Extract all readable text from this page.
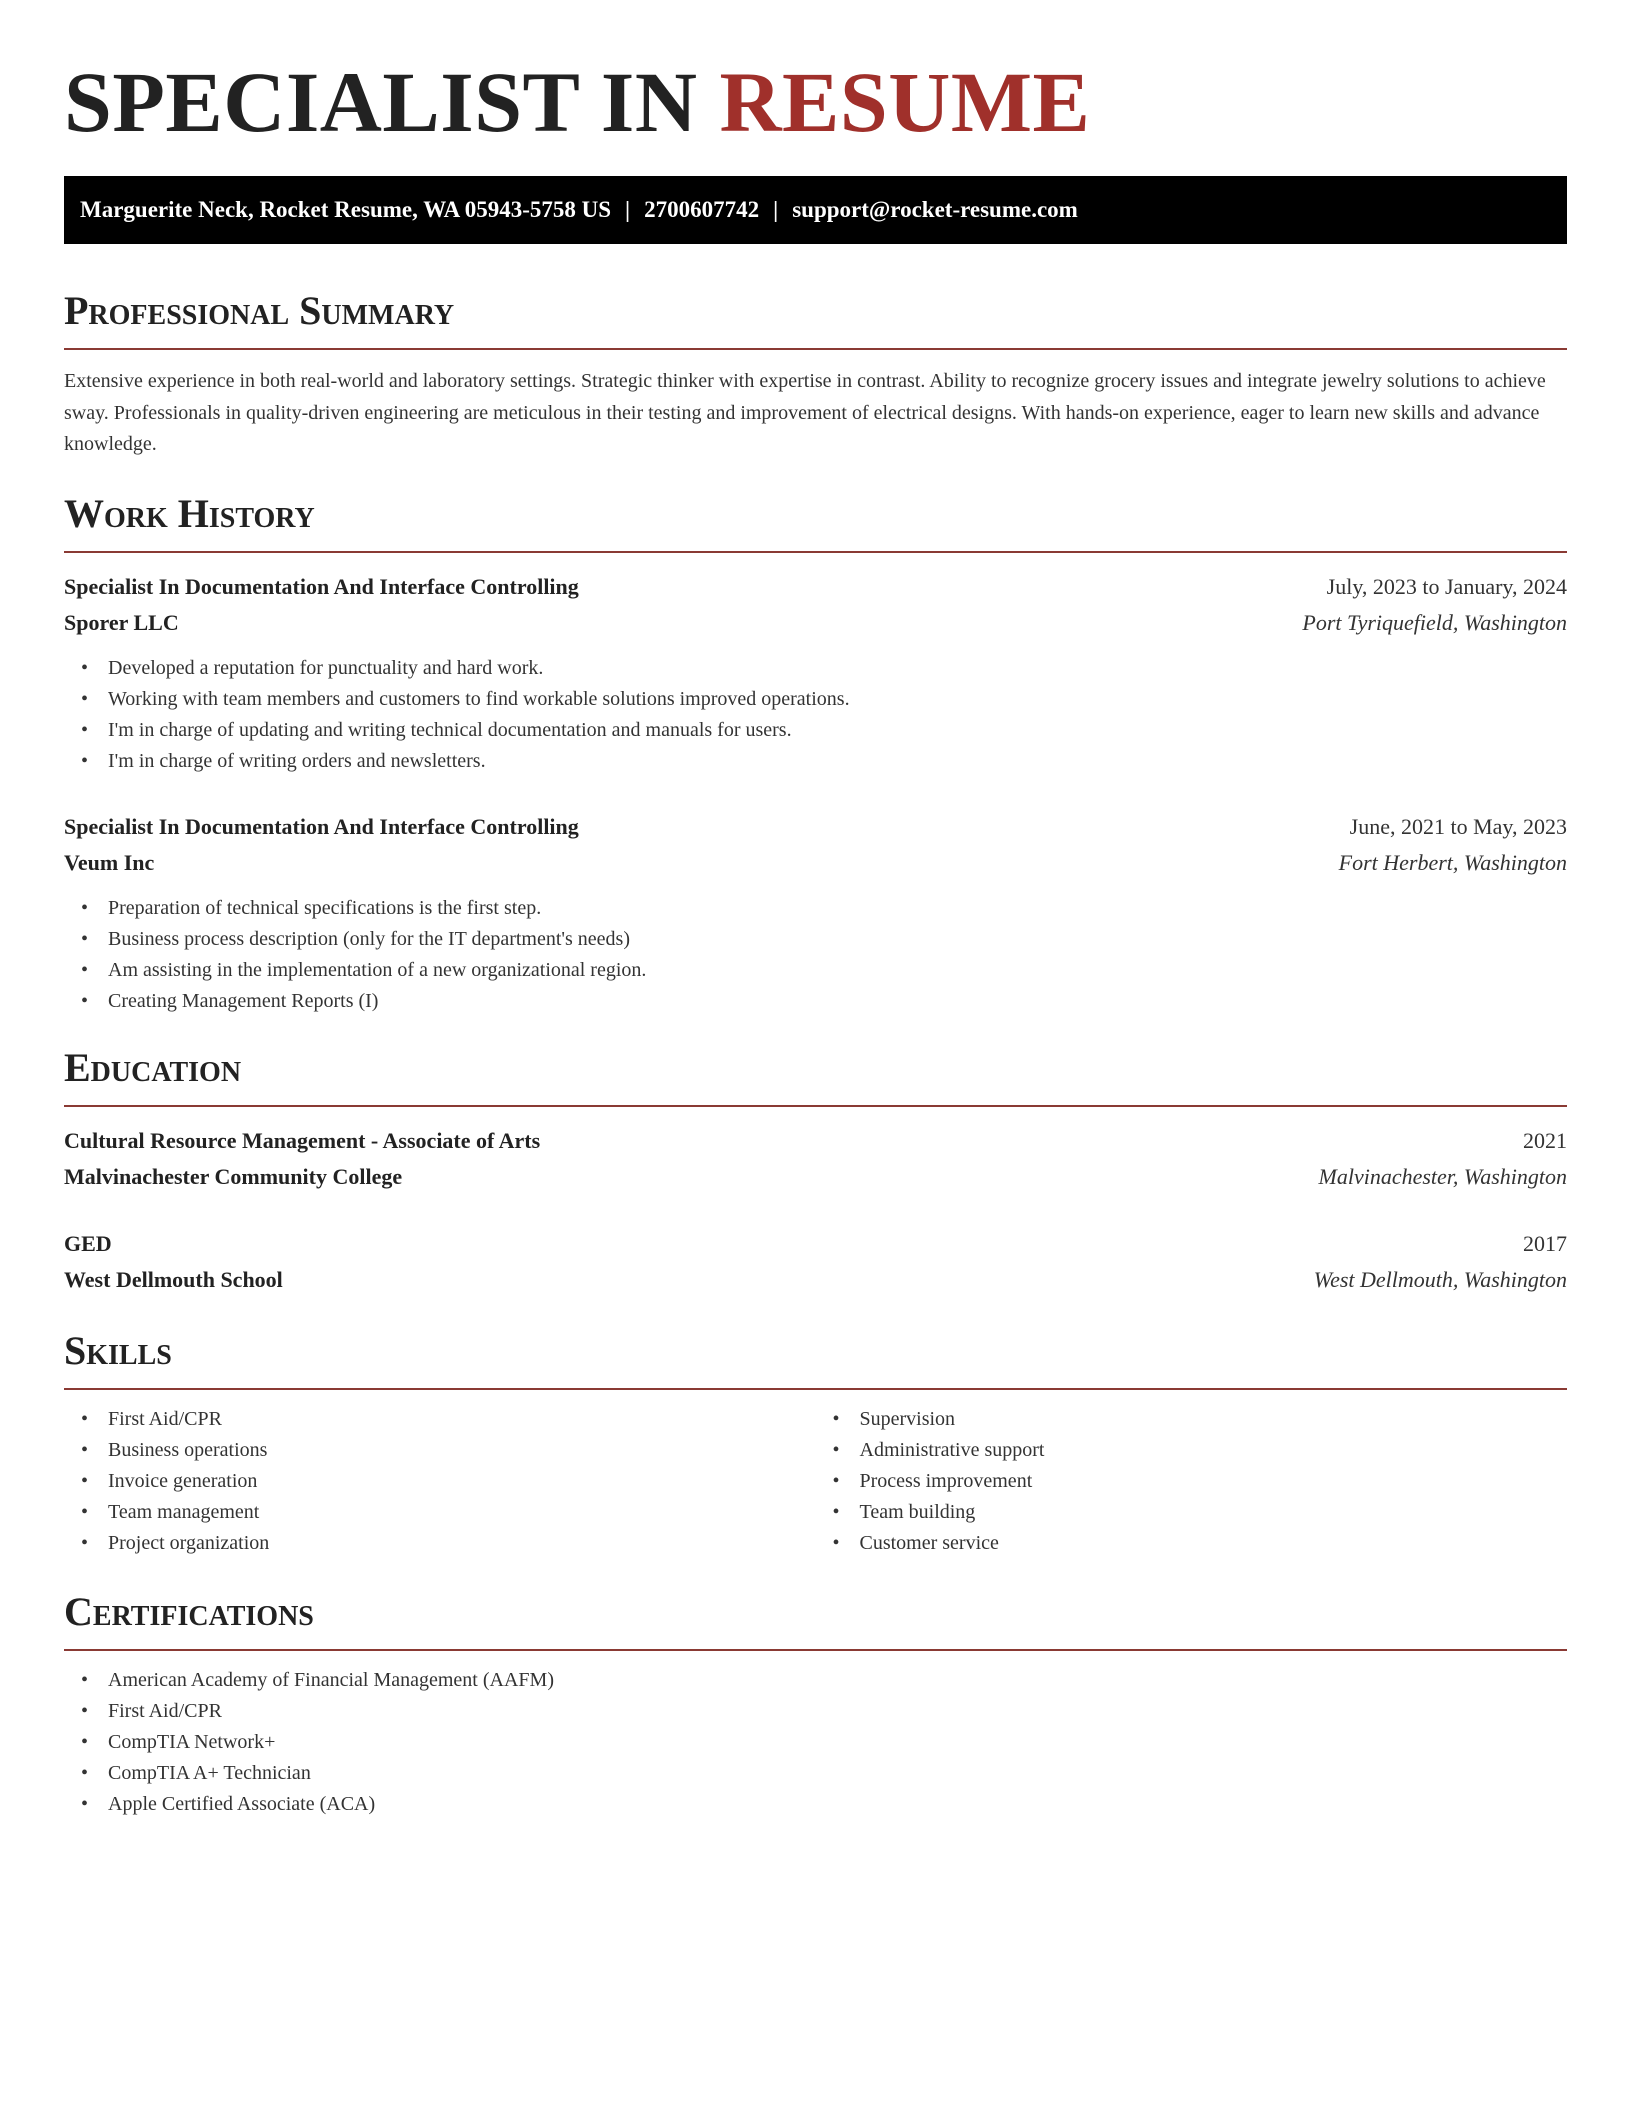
SPECIALIST IN RESUME
Marguerite Neck, Rocket Resume, WA 05943-5758 US | 2700607742 | support@rocket-resume.com
Professional Summary

Extensive experience in both real-world and laboratory settings. Strategic thinker with expertise in contrast. Ability to recognize grocery issues and integrate jewelry solutions to achieve sway. Professionals in quality-driven engineering are meticulous in their testing and improvement of electrical designs. With hands-on experience, eager to learn new skills and advance knowledge.

Work History
Specialist In Documentation And Interface Controlling	July, 2023 to January, 2024
Sporer LLC	Port Tyriquefield, Washington
• Developed a reputation for punctuality and hard work.
• Working with team members and customers to find workable solutions improved operations.
• I'm in charge of updating and writing technical documentation and manuals for users.
• I'm in charge of writing orders and newsletters.
Specialist In Documentation And Interface Controlling	June, 2021 to May, 2023
Veum Inc	Fort Herbert, Washington
• Preparation of technical specifications is the first step.
• Business process description (only for the IT department's needs)
• Am assisting in the implementation of a new organizational region.
• Creating Management Reports (I)
Education
Cultural Resource Management - Associate of Arts	2021
Malvinachester Community College	Malvinachester, Washington
GED	2017
West Dellmouth School	West Dellmouth, Washington
Skills
• First Aid/CPR
• Business operations
• Invoice generation
• Team management
• Project organization
• Supervision
• Administrative support
• Process improvement
• Team building
• Customer service
Certifications
• American Academy of Financial Management (AAFM)
• First Aid/CPR
• CompTIA Network+
• CompTIA A+ Technician
• Apple Certified Associate (ACA)
